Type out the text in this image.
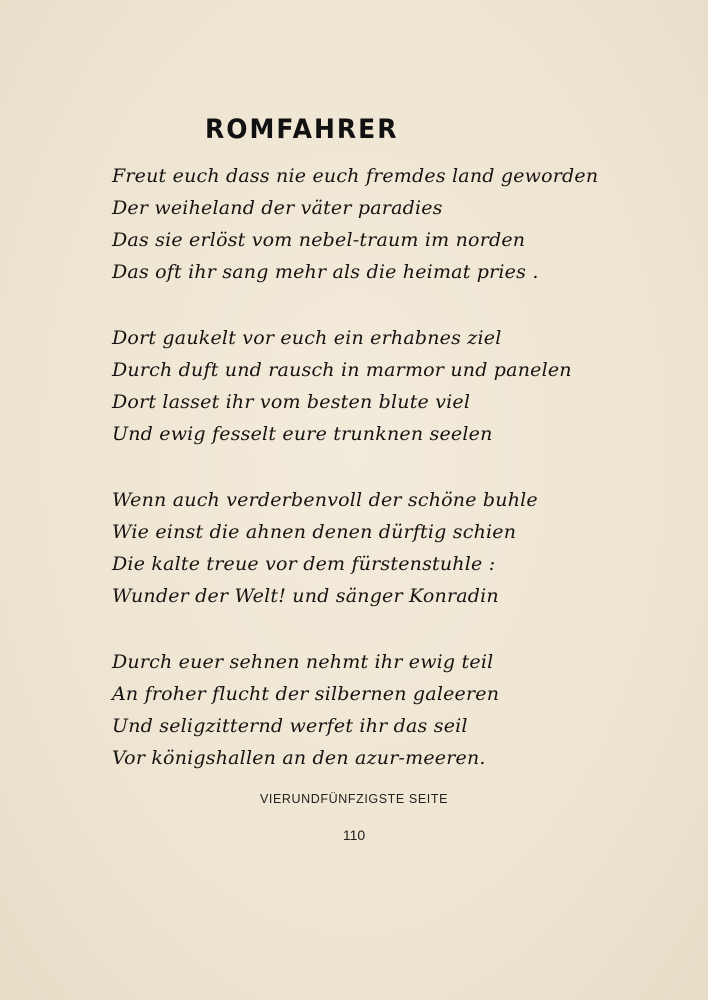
ROMFAHRER
Freut euch dass nie euch fremdes land geworden
Der weiheland der väter paradies
Das sie erlöst vom nebel-traum im norden
Das oft ihr sang mehr als die heimat pries .
Dort gaukelt vor euch ein erhabnes ziel
Durch duft und rausch in marmor und panelen
Dort lasset ihr vom besten blute viel
Und ewig fesselt eure trunknen seelen
Wenn auch verderbenvoll der schöne buhle
Wie einst die ahnen denen dürftig schien
Die kalte treue vor dem fürstenstuhle :
Wunder der Welt! und sänger Konradin
Durch euer sehnen nehmt ihr ewig teil
An froher flucht der silbernen galeeren
Und seligzitternd werfet ihr das seil
Vor königshallen an den azur-meeren.
VIERUNDFÜNFZIGSTE SEITE
110
